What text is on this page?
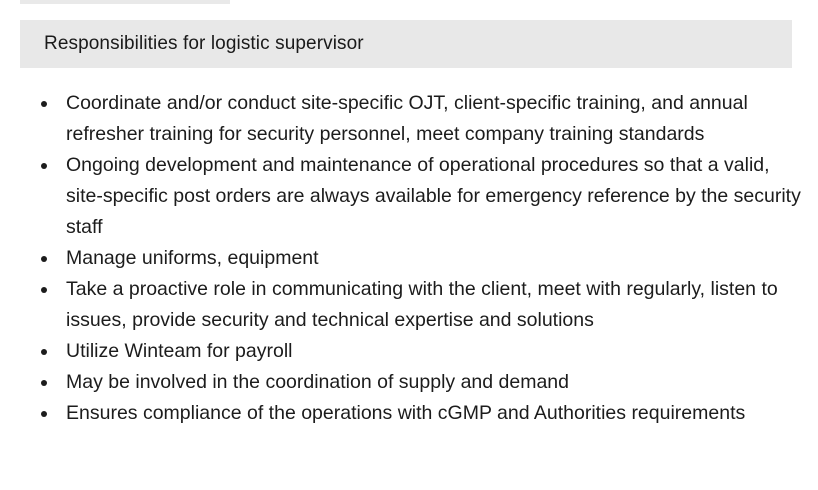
Responsibilities for logistic supervisor
Coordinate and/or conduct site-specific OJT, client-specific training, and annual refresher training for security personnel, meet company training standards
Ongoing development and maintenance of operational procedures so that a valid, site-specific post orders are always available for emergency reference by the security staff
Manage uniforms, equipment
Take a proactive role in communicating with the client, meet with regularly, listen to issues, provide security and technical expertise and solutions
Utilize Winteam for payroll
May be involved in the coordination of supply and demand
Ensures compliance of the operations with cGMP and Authorities requirements
